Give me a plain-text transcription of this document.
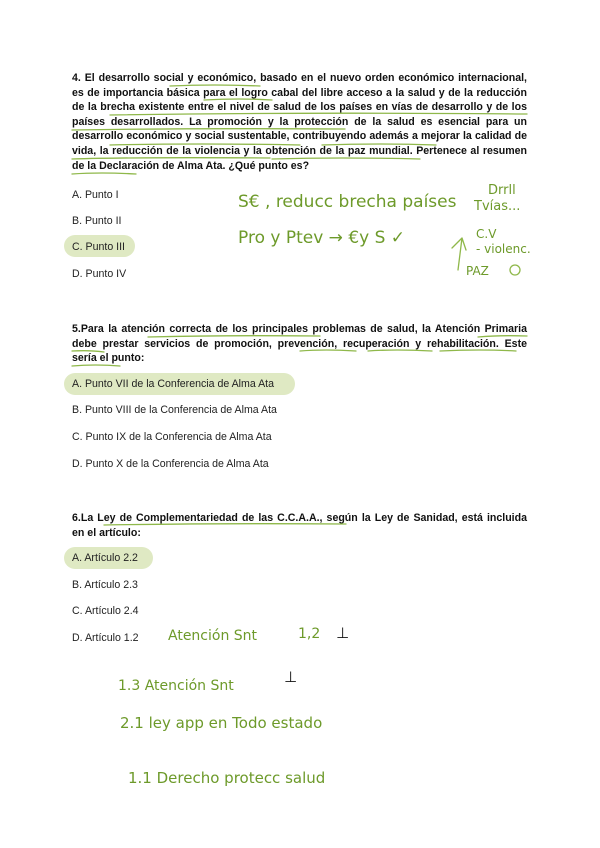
4. El desarrollo social y económico, basado en el nuevo orden económico internacional, es de importancia básica para el logro cabal del libre acceso a la salud y de la reducción de la brecha existente entre el nivel de salud de los países en vías de desarrollo y de los países desarrollados. La promoción y la protección de la salud es esencial para un desarrollo económico y social sustentable, contribuyendo además a mejorar la calidad de vida, la reducción de la violencia y la obtención de la paz mundial. Pertenece al resumen de la Declaración de Alma Ata. ¿Qué punto es?
A. Punto I
B. Punto II
C. Punto III
D. Punto IV
S€ , reducc brecha países
Drrll
Tvías...
Pro y Ptev → €y S ✓	C.V
- violenc.
PAZ
5.Para la atención correcta de los principales problemas de salud, la Atención Primaria debe prestar servicios de promoción, prevención, recuperación y rehabilitación. Este sería el punto:
A. Punto VII de la Conferencia de Alma Ata
B. Punto VIII de la Conferencia de Alma Ata
C. Punto IX de la Conferencia de Alma Ata
D. Punto X de la Conferencia de Alma Ata
6.La Ley de Complementariedad de las C.C.A.A., según la Ley de Sanidad, está incluida en el artículo:
A. Artículo 2.2
B. Artículo 2.3
C. Artículo 2.4
D. Artículo 1.2 Atención Snt	1,2 ⊥
1.3 Atención Snt	⊥
2.1 ley app en Todo estado
1.1 Derecho protecc salud
